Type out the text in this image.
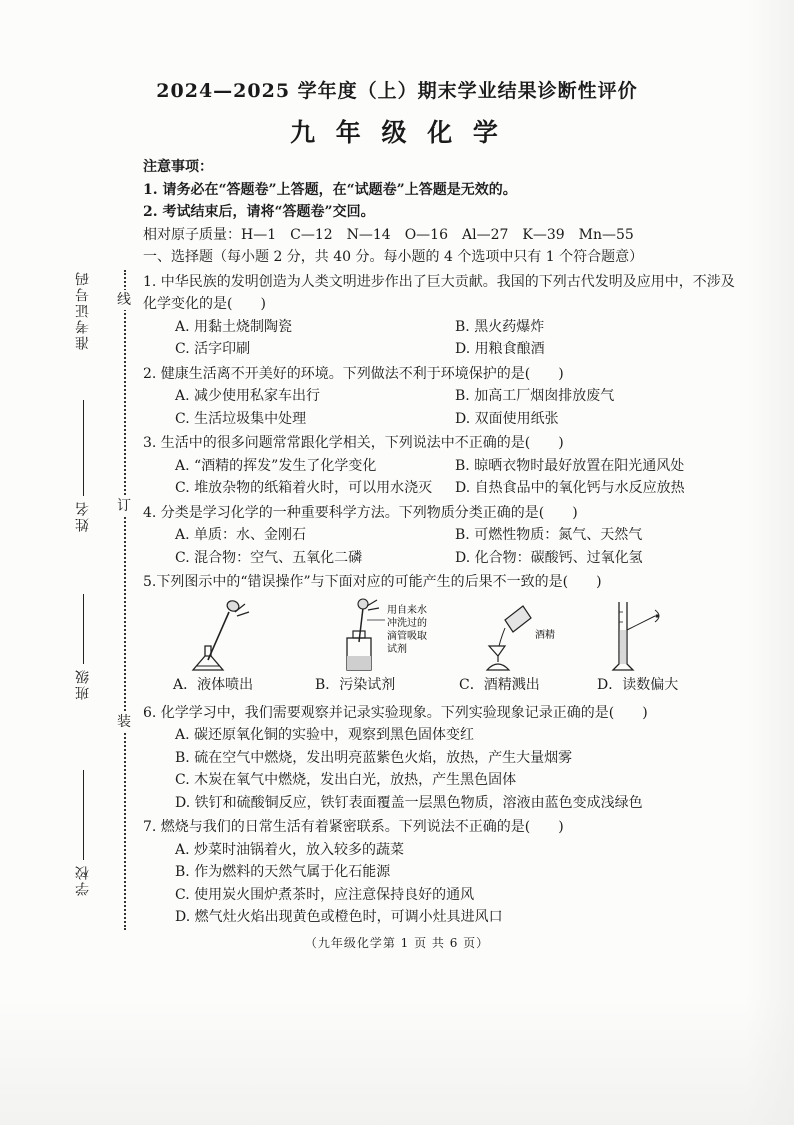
线
订
装
准考证号码
姓名
班级
学校
2024—2025 学年度（上）期末学业结果诊断性评价
九 年 级 化 学
注意事项：
1. 请务必在“答题卷”上答题，在“试题卷”上答题是无效的。
2. 考试结束后，请将“答题卷”交回。
相对原子质量：H—1　C—12　N—14　O—16　Al—27　K—39　Mn—55
一、选择题（每小题 2 分，共 40 分。每小题的 4 个选项中只有 1 个符合题意）
1. 中华民族的发明创造为人类文明进步作出了巨大贡献。我国的下列古代发明及应用中，不涉及化学变化的是(　　)
A. 用黏土烧制陶瓷	B. 黑火药爆炸
C. 活字印刷	D. 用粮食酿酒
2. 健康生活离不开美好的环境。下列做法不利于环境保护的是(　　)
A. 减少使用私家车出行	B. 加高工厂烟囱排放废气
C. 生活垃圾集中处理	D. 双面使用纸张
3. 生活中的很多问题常常跟化学相关，下列说法中不正确的是(　　)
A. “酒精的挥发”发生了化学变化	B. 晾晒衣物时最好放置在阳光通风处
C. 堆放杂物的纸箱着火时，可以用水浇灭	D. 自热食品中的氧化钙与水反应放热
4. 分类是学习化学的一种重要科学方法。下列物质分类正确的是(　　)
A. 单质：水、金刚石	B. 可燃性物质：氮气、天然气
C. 混合物：空气、五氧化二磷	D. 化合物：碳酸钙、过氧化氢
5.下列图示中的“错误操作”与下面对应的可能产生的后果不一致的是(　　)
用自来水
冲洗过的
滴管吸取
试剂
酒精
A．液体喷出	B．污染试剂	C．酒精溅出	D．读数偏大
6. 化学学习中，我们需要观察并记录实验现象。下列实验现象记录正确的是(　　)
A. 碳还原氧化铜的实验中，观察到黑色固体变红
B. 硫在空气中燃烧，发出明亮蓝紫色火焰，放热，产生大量烟雾
C. 木炭在氧气中燃烧，发出白光，放热，产生黑色固体
D. 铁钉和硫酸铜反应，铁钉表面覆盖一层黑色物质，溶液由蓝色变成浅绿色
7. 燃烧与我们的日常生活有着紧密联系。下列说法不正确的是(　　)
A. 炒菜时油锅着火，放入较多的蔬菜
B. 作为燃料的天然气属于化石能源
C. 使用炭火围炉煮茶时，应注意保持良好的通风
D. 燃气灶火焰出现黄色或橙色时，可调小灶具进风口
（九年级化学第 1 页 共 6 页）
